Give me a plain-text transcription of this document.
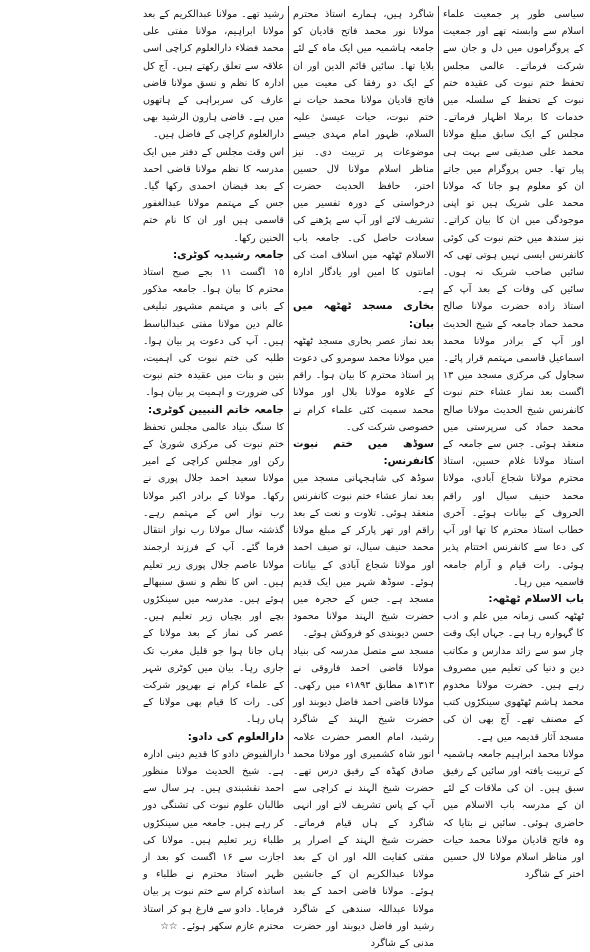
سیاسی طور پر جمعیت علماء اسلام سے وابستہ تھے اور جمعیت کے پروگراموں میں دل و جان سے شرکت فرماتے۔ عالمی مجلس تحفظ ختم نبوت کی عقیدہ ختم نبوت کے تحفظ کے سلسلہ میں خدمات کا برملا اظہار فرماتے۔ مجلس کے ایک سابق مبلغ مولانا محمد علی صدیقی سے بہت ہی پیار تھا۔ جس پروگرام میں جاتے ان کو معلوم ہو جاتا کہ مولانا محمد علی شریک ہیں تو اپنی موجودگی میں ان کا بیان کراتے۔ نیز سندھ میں ختم نبوت کی کوئی کانفرنس ایسی نہیں ہوتی تھی کہ سائیں صاحب شریک نہ ہوں۔ سائیں کی وفات کے بعد آپ کے استاذ زادہ حضرت مولانا صالح محمد حماد جامعہ کے شیخ الحدیث اور آپ کے برادر مولانا محمد اسماعیل قاسمی مہتمم قرار پائے۔

سجاول کی مرکزی مسجد میں ۱۳ اگست بعد نماز عشاء ختم نبوت کانفرنس شیخ الحدیث مولانا صالح محمد حماد کی سرپرستی میں منعقد ہوئی۔ جس سے جامعہ کے استاذ مولانا غلام حسین، استاذ محترم مولانا شجاع آبادی، مولانا محمد حنیف سیال اور راقم الحروف کے بیانات ہوئے۔ آخری خطاب استاذ محترم کا تھا اور آپ کی دعا سے کانفرنس اختتام پذیر ہوئی۔ رات قیام و آرام جامعہ قاسمیہ میں رہا۔

باب الاسلام ٹھٹھہ:

ٹھٹھہ کسی زمانہ میں علم و ادب کا گہوارہ رہا ہے۔ جہاں ایک وقت چار سو سے زائد مدارس و مکاتب دین و دنیا کی تعلیم میں مصروف رہے ہیں۔ حضرت مولانا مخدوم محمد ہاشم ٹھٹھوی سینکڑوں کتب کے مصنف تھے۔ آج بھی ان کی مسجد آثار قدیمہ میں ہے۔

مولانا محمد ابراہیم جامعہ ہاشمیہ کے تربیت یافتہ اور سائیں کے رفیق سبق ہیں۔ ان کی ملاقات کے لئے ان کے مدرسہ باب الاسلام میں حاضری ہوئی۔ سائیں نے بتایا کہ وہ فاتح قادیان مولانا محمد حیات اور مناظر اسلام مولانا لال حسین اختر کے شاگرد

شاگرد ہیں، ہمارے استاذ محترم مولانا نور محمد فاتح قادیان کو جامعہ ہاشمیہ میں ایک ماہ کے لئے بلایا تھا۔ سائیں قائم الدین اور ان کے ایک دو رفقا کی معیت میں فاتح قادیان مولانا محمد حیات نے ختم نبوت، حیات عیسیٰ علیہ السلام، ظہور امام مہدی جیسے موضوعات پر تربیت دی۔ نیز مناظر اسلام مولانا لال حسین اختر، حافظ الحدیث حضرت درخواستی کے دورہ تفسیر میں تشریف لائے اور آپ سے پڑھنے کی سعادت حاصل کی۔ جامعہ باب الاسلام ٹھٹھہ میں اسلاف امت کی امانتوں کا امین اور یادگار ادارہ ہے۔

بخاری مسجد ٹھٹھہ میں بیان:

بعد نماز عصر بخاری مسجد ٹھٹھہ میں مولانا محمد سومرو کی دعوت پر استاذ محترم کا بیان ہوا۔ راقم کے علاوہ مولانا بلال اور مولانا محمد سمیت کئی علماء کرام نے خصوصی شرکت کی۔

سوڈھ میں ختم نبوت کانفرنس:

سوڈھ کی شاہجہانی مسجد میں بعد نماز عشاء ختم نبوت کانفرنس منعقد ہوئی۔ تلاوت و نعت کے بعد راقم اور تھر پارکر کے مبلغ مولانا محمد حنیف سیال، تو صیف احمد اور مولانا شجاع آبادی کے بیانات ہوئے۔ سوڈھ شہر میں ایک قدیم مسجد ہے۔ جس کے حجرہ میں حضرت شیخ الہند مولانا محمود حسن دیوبندی کو فروکش ہوئے۔

مسجد سے متصل مدرسہ کی بنیاد مولانا قاضی احمد فاروقی نے ۱۳۱۳ھ مطابق ۱۸۹۳ء میں رکھی۔ مولانا قاضی احمد فاضل دیوبند اور حضرت شیخ الہند کے شاگرد رشید، امام العصر حضرت علامہ انور شاہ کشمیری اور مولانا محمد صادق کھڈہ کے رفیق درس تھے۔ حضرت شیخ الہند نے کراچی سے آپ کے پاس تشریف لاتے اور انہی شاگرد کے ہاں قیام فرماتے۔ حضرت شیخ الہند کے اصرار پر مفتی کفایت اللہ اور ان کے بعد مولانا عبدالکریم ان کے جانشین ہوئے۔ مولانا قاضی احمد کے بعد مولانا عبداللہ سندھی کے شاگرد رشید اور فاضل دیوبند اور حضرت مدنی کے شاگرد

رشید تھے۔ مولانا عبدالکریم کے بعد مولانا ابراہیم، مولانا مفتی علی محمد فضلاء دارالعلوم کراچی اسی علاقہ سے تعلق رکھتے ہیں۔ آج کل ادارہ کا نظم و نسق مولانا قاضی عارف کی سربراہی کے ہاتھوں میں ہے۔ قاضی ہارون الرشید بھی دارالعلوم کراچی کے فاضل ہیں۔

اس وقت مجلس کے دفتر میں ایک مدرسہ کا نظم مولانا قاضی احمد کے بعد فیضان احمدی رکھا گیا۔ جس کے مہتمم مولانا عبدالغفور قاسمی ہیں اور ان کا نام ختم الحنین رکھا۔

جامعہ رشیدیہ کوٹری:

۱۵ اگست ۱۱ بجے صبح استاذ محترم کا بیان ہوا۔ جامعہ مذکور کے بانی و مہتمم مشہور تبلیغی عالم دین مولانا مفتی عبدالباسط ہیں۔ آپ کی دعوت پر بیان ہوا۔ طلبہ کی ختم نبوت کی اہمیت، بنین و بنات میں عقیدہ ختم نبوت کی ضرورت و اہمیت پر بیان ہوا۔

جامعہ خاتم النبیین کوٹری:

کا سنگ بنیاد عالمی مجلس تحفظ ختم نبوت کی مرکزی شوریٰ کے رکن اور مجلس کراچی کے امیر مولانا سعید احمد جلال پوری نے رکھا۔ مولانا کے برادر اکبر مولانا رب نواز اس کے مہتمم رہے۔ گذشتہ سال مولانا رب نواز انتقال فرما گئے۔ آپ کے فرزند ارجمند مولانا عاصم جلال پوری زیر تعلیم ہیں۔ اس کا نظم و نسق سنبھالے ہوئے ہیں۔ مدرسہ میں سینکڑوں بچے اور بچیاں زیر تعلیم ہیں۔ عصر کی نماز کے بعد مولانا کے ہاں جانا ہوا جو قلیل مغرب تک جاری رہا۔ بیان میں کوٹری شہر کے علماء کرام نے بھرپور شرکت کی۔ رات کا قیام بھی مولانا کے ہاں رہا۔

دارالعلوم کی دادو:

دارالفیوض دادو کا قدیم دینی ادارہ ہے۔ شیخ الحدیث مولانا منظور احمد نقشبندی ہیں۔ ہر سال سے طالبان علوم نبوت کی تشنگی دور کر رہے ہیں۔ جامعہ میں سینکڑوں طلباء زیر تعلیم ہیں۔ مولانا کی اجازت سے ۱۶ اگست کو بعد از ظہر استاذ محترم نے طلباء و اساتذہ کرام سے ختم نبوت پر بیان فرمایا۔ دادو سے فارغ ہو کر استاذ محترم عازم سکھر ہوئے۔ ☆☆
